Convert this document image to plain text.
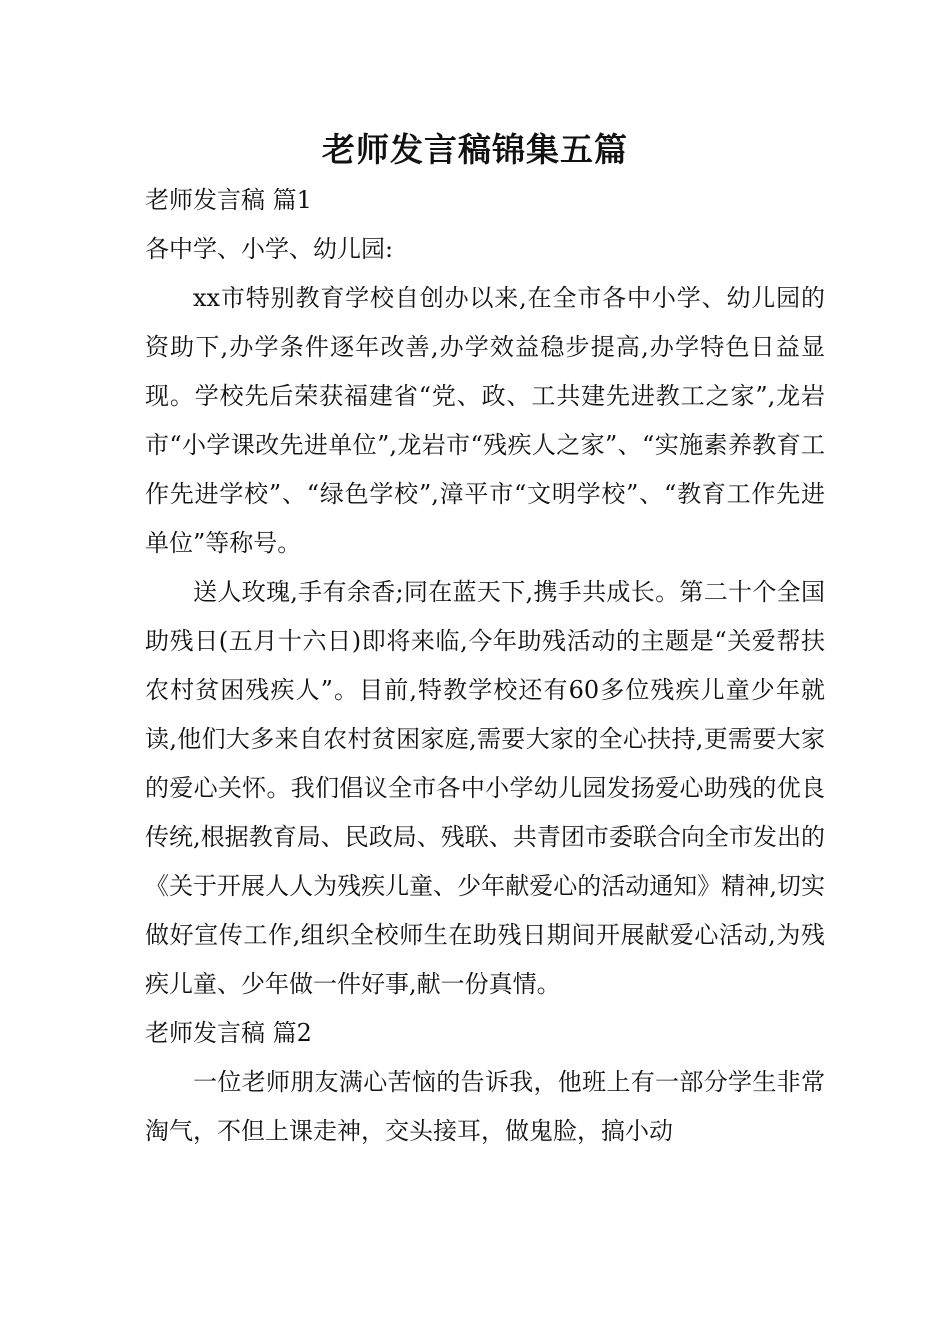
老师发言稿锦集五篇
老师发言稿 篇1

各中学、小学、幼儿园:

xx市特别教育学校自创办以来,在全市各中小学、幼儿园的资助下,办学条件逐年改善,办学效益稳步提高,办学特色日益显现。学校先后荣获福建省“党、政、工共建先进教工之家”,龙岩市“小学课改先进单位”,龙岩市“残疾人之家”、“实施素养教育工作先进学校”、“绿色学校”,漳平市“文明学校”、“教育工作先进单位”等称号。

送人玫瑰,手有余香;同在蓝天下,携手共成长。第二十个全国助残日(五月十六日)即将来临,今年助残活动的主题是“关爱帮扶农村贫困残疾人”。目前,特教学校还有60多位残疾儿童少年就读,他们大多来自农村贫困家庭,需要大家的全心扶持,更需要大家的爱心关怀。我们倡议全市各中小学幼儿园发扬爱心助残的优良传统,根据教育局、民政局、残联、共青团市委联合向全市发出的《关于开展人人为残疾儿童、少年献爱心的活动通知》精神,切实做好宣传工作,组织全校师生在助残日期间开展献爱心活动,为残疾儿童、少年做一件好事,献一份真情。

老师发言稿 篇2

一位老师朋友满心苦恼的告诉我，他班上有一部分学生非常淘气，不但上课走神，交头接耳，做鬼脸，搞小动
